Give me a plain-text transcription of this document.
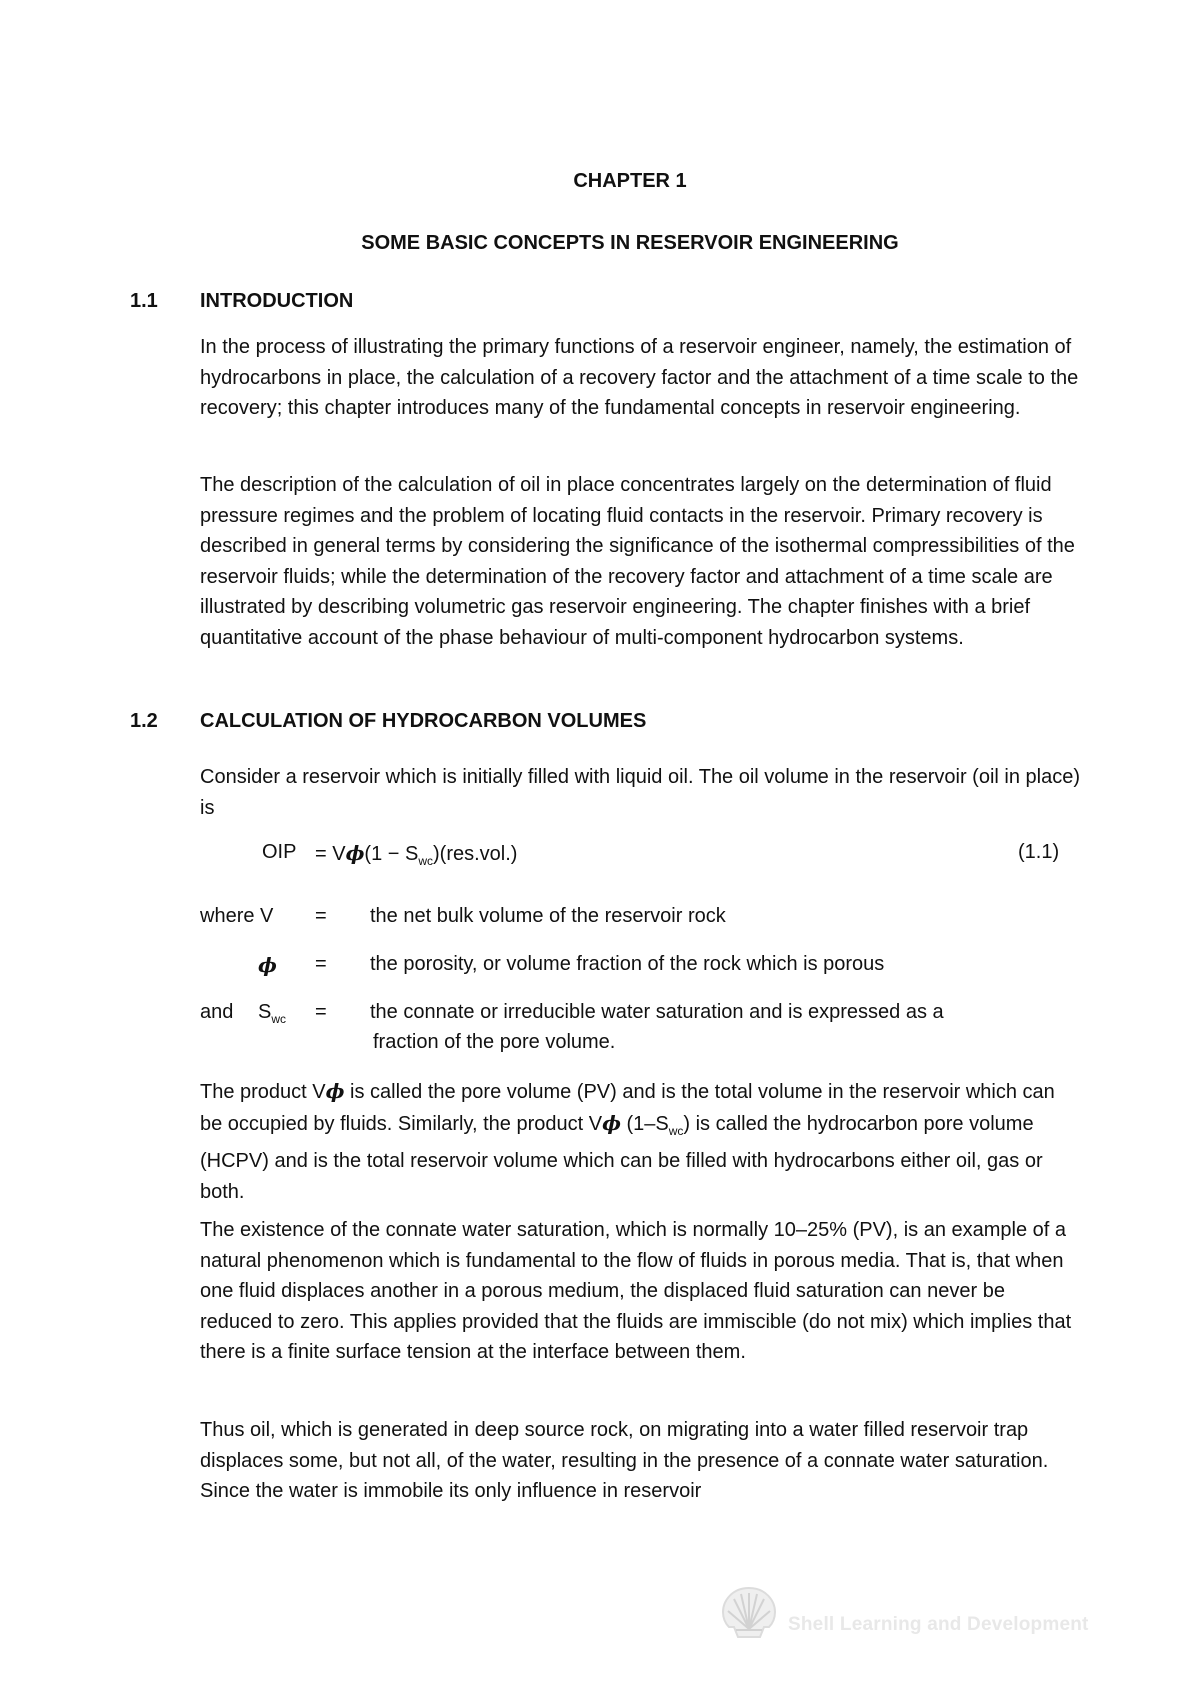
CHAPTER 1
SOME BASIC CONCEPTS IN RESERVOIR ENGINEERING
1.1 INTRODUCTION

In the process of illustrating the primary functions of a reservoir engineer, namely, the estimation of hydrocarbons in place, the calculation of a recovery factor and the attachment of a time scale to the recovery; this chapter introduces many of the fundamental concepts in reservoir engineering.

The description of the calculation of oil in place concentrates largely on the determination of fluid pressure regimes and the problem of locating fluid contacts in the reservoir. Primary recovery is described in general terms by considering the significance of the isothermal compressibilities of the reservoir fluids; while the determination of the recovery factor and attachment of a time scale are illustrated by describing volumetric gas reservoir engineering. The chapter finishes with a brief quantitative account of the phase behaviour of multi-component hydrocarbon systems.

1.2 CALCULATION OF HYDROCARBON VOLUMES

Consider a reservoir which is initially filled with liquid oil. The oil volume in the reservoir (oil in place) is

OIP = $V\phi(1 - S_{wc})(res.vol.)$	(1.1)
where V = the net bulk volume of the reservoir rock
ϕ = the porosity, or volume fraction of the rock which is porous
and $S_{wc}$ = the connate or irreducible water saturation and is expressed as a
fraction of the pore volume.

The product Vϕ is called the pore volume (PV) and is the total volume in the reservoir which can be occupied by fluids. Similarly, the product Vϕ $(1-S_{wc})$ is called the hydrocarbon pore volume (HCPV) and is the total reservoir volume which can be filled with hydrocarbons either oil, gas or both.

The existence of the connate water saturation, which is normally 10–25% (PV), is an example of a natural phenomenon which is fundamental to the flow of fluids in porous media. That is, that when one fluid displaces another in a porous medium, the displaced fluid saturation can never be reduced to zero. This applies provided that the fluids are immiscible (do not mix) which implies that there is a finite surface tension at the interface between them.

Thus oil, which is generated in deep source rock, on migrating into a water filled reservoir trap displaces some, but not all, of the water, resulting in the presence of a connate water saturation. Since the water is immobile its only influence in reservoir

Shell Learning and Development
